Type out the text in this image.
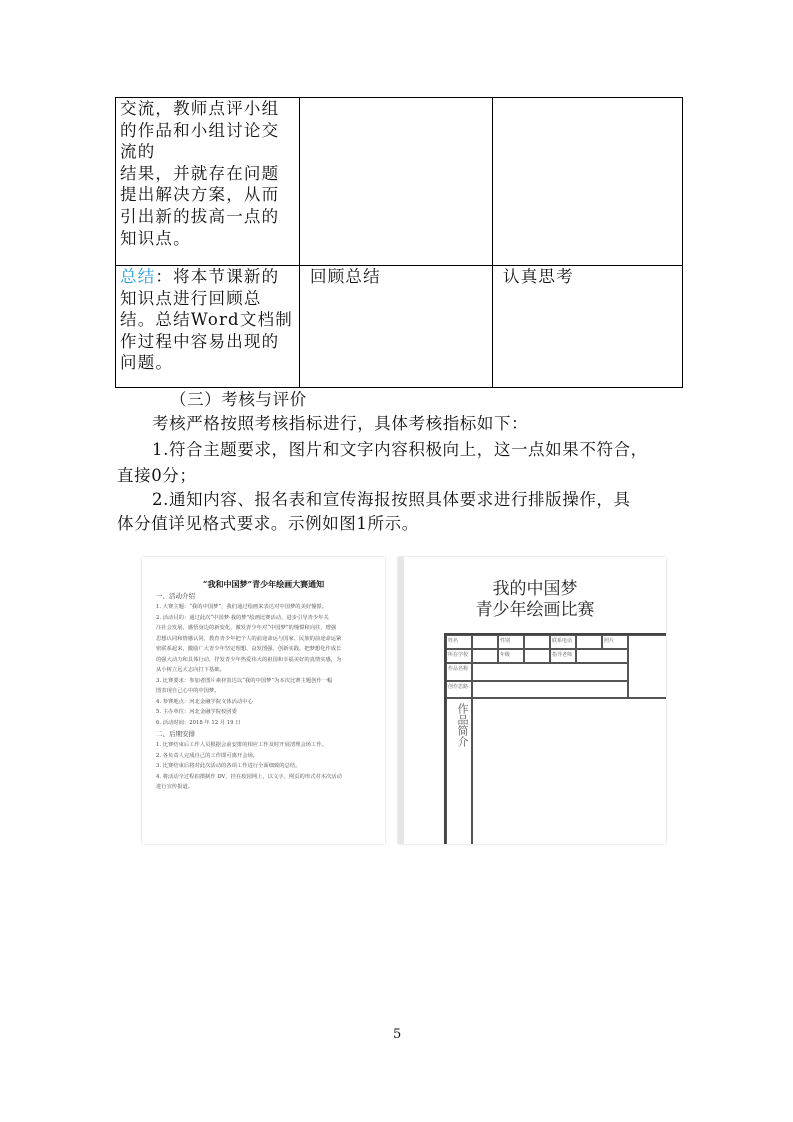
交流，教师点评小组的作品和小组讨论交流的
结果，并就存在问题提出解决方案，从而引出新的拔高一点的知识点。		
总结：将本节课新的知识点进行回顾总结。总结Word文档制作过程中容易出现的问题。	回顾总结	认真思考
（三）考核与评价
考核严格按照考核指标进行，具体考核指标如下：
1.符合主题要求，图片和文字内容积极向上，这一点如果不符合，
直接0分；
2.通知内容、报名表和宣传海报按照具体要求进行排版操作，具
体分值详见格式要求。示例如图1所示。
“我和中国梦”青少年绘画大赛通知
一、活动介绍
1. 大赛主题：“我的中国梦”，我们通过绘画来表达对中国梦的美好憧憬。
2. 活动目的：通过此次“中国梦·我的梦”绘画比赛活动，进步引导青少年关
注社会发展，感悟身边的新变化，激发青少年对“中国梦”的憧憬和向往，增强
思想认同和情感认同，教育青少年把个人的前途命运与国家、民族的前途命运紧
密联系起来，激励广大青少年坚定理想、奋发图强、创新实践，把梦想化作成长
的强大动力和具体行动，抒发青少年热爱伟大的祖国和幸福美好的真情实感，为
从小树立远大志向打下基础。
3. 比赛要求：参加者图片素材表达以“我的中国梦”为本次比赛主题创作一幅
图表现自己心中的中国梦。
4. 参赛地点：河北金融学院文体活动中心
5. 主办单位：河北金融学院校团委
6. 活动时间：2018 年 12 月 19 日
二、后期安排
1. 比赛结束后工作人员根据会前安排的相应工作及时开展清理会场工作。
2. 各负责人完成自己的工作即可离开会场。
3. 比赛结束后将对此次活动的各项工作进行全面细致的总结。
4. 将活动全过程拍摄制作 DV，挂在校园网上，以文字、网页的形式对本次活动
进行宣传报道。
我的中国梦
青少年绘画比赛
姓名	性别	联系电话	照片
所在学校	年级	指导老师
作品名称
创作思路
作品简介
5
